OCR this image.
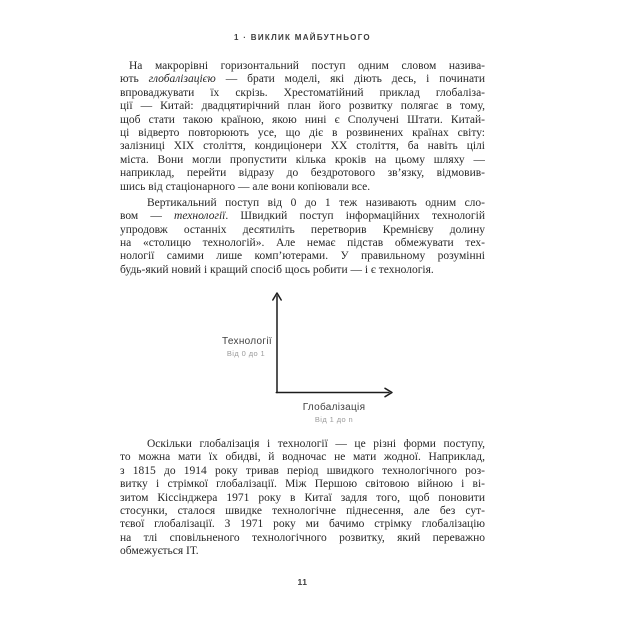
1 · ВИКЛИК МАЙБУТНЬОГО
На макрорівні горизонтальний поступ одним словом назива-
ють глобалізацією — брати моделі, які діють десь, і починати
впроваджувати їх скрізь. Хрестоматійний приклад глобаліза-
ції — Китай: двадцятирічний план його розвитку полягає в тому,
щоб стати такою країною, якою нині є Сполучені Штати. Китай-
ці відверто повторюють усе, що діє в розвинених країнах світу:
залізниці XIX століття, кондиціонери XX століття, ба навіть цілі
міста. Вони могли пропустити кілька кроків на цьому шляху —
наприклад, перейти відразу до бездротового зв’язку, відмовив-
шись від стаціонарного — але вони копіювали все.
Вертикальний поступ від 0 до 1 теж називають одним сло-
вом — технології. Швидкий поступ інформаційних технологій
упродовж останніх десятиліть перетворив Кремнієву долину
на «столицю технологій». Але немає підстав обмежувати тех-
нології самими лише комп’ютерами. У правильному розумінні
будь-який новий і кращий спосіб щось робити — і є технологія.
Технології
Від 0 до 1
Глобалізація
Від 1 до n
Оскільки глобалізація і технології — це різні форми поступу,
то можна мати їх обидві, й водночас не мати жодної. Наприклад,
з 1815 до 1914 року тривав період швидкого технологічного роз-
витку і стрімкої глобалізації. Між Першою світовою війною і ві-
зитом Кіссінджера 1971 року в Китаї задля того, щоб поновити
стосунки, сталося швидке технологічне піднесення, але без сут-
тєвої глобалізації. З 1971 року ми бачимо стрімку глобалізацію
на тлі сповільненого технологічного розвитку, який переважно
обмежується ІТ.
11
